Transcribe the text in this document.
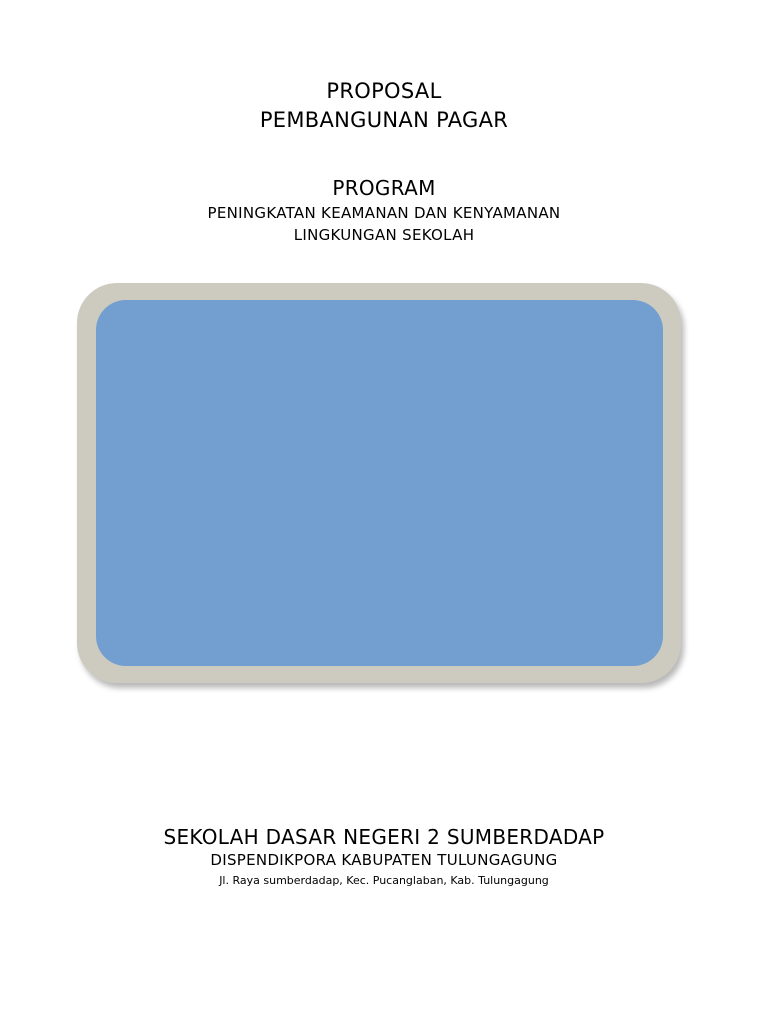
PROPOSAL
PEMBANGUNAN PAGAR
PROGRAM
PENINGKATAN KEAMANAN DAN KENYAMANAN
LINGKUNGAN SEKOLAH
SEKOLAH DASAR NEGERI 2 SUMBERDADAP
DISPENDIKPORA KABUPATEN TULUNGAGUNG
Jl. Raya sumberdadap, Kec. Pucanglaban, Kab. Tulungagung
